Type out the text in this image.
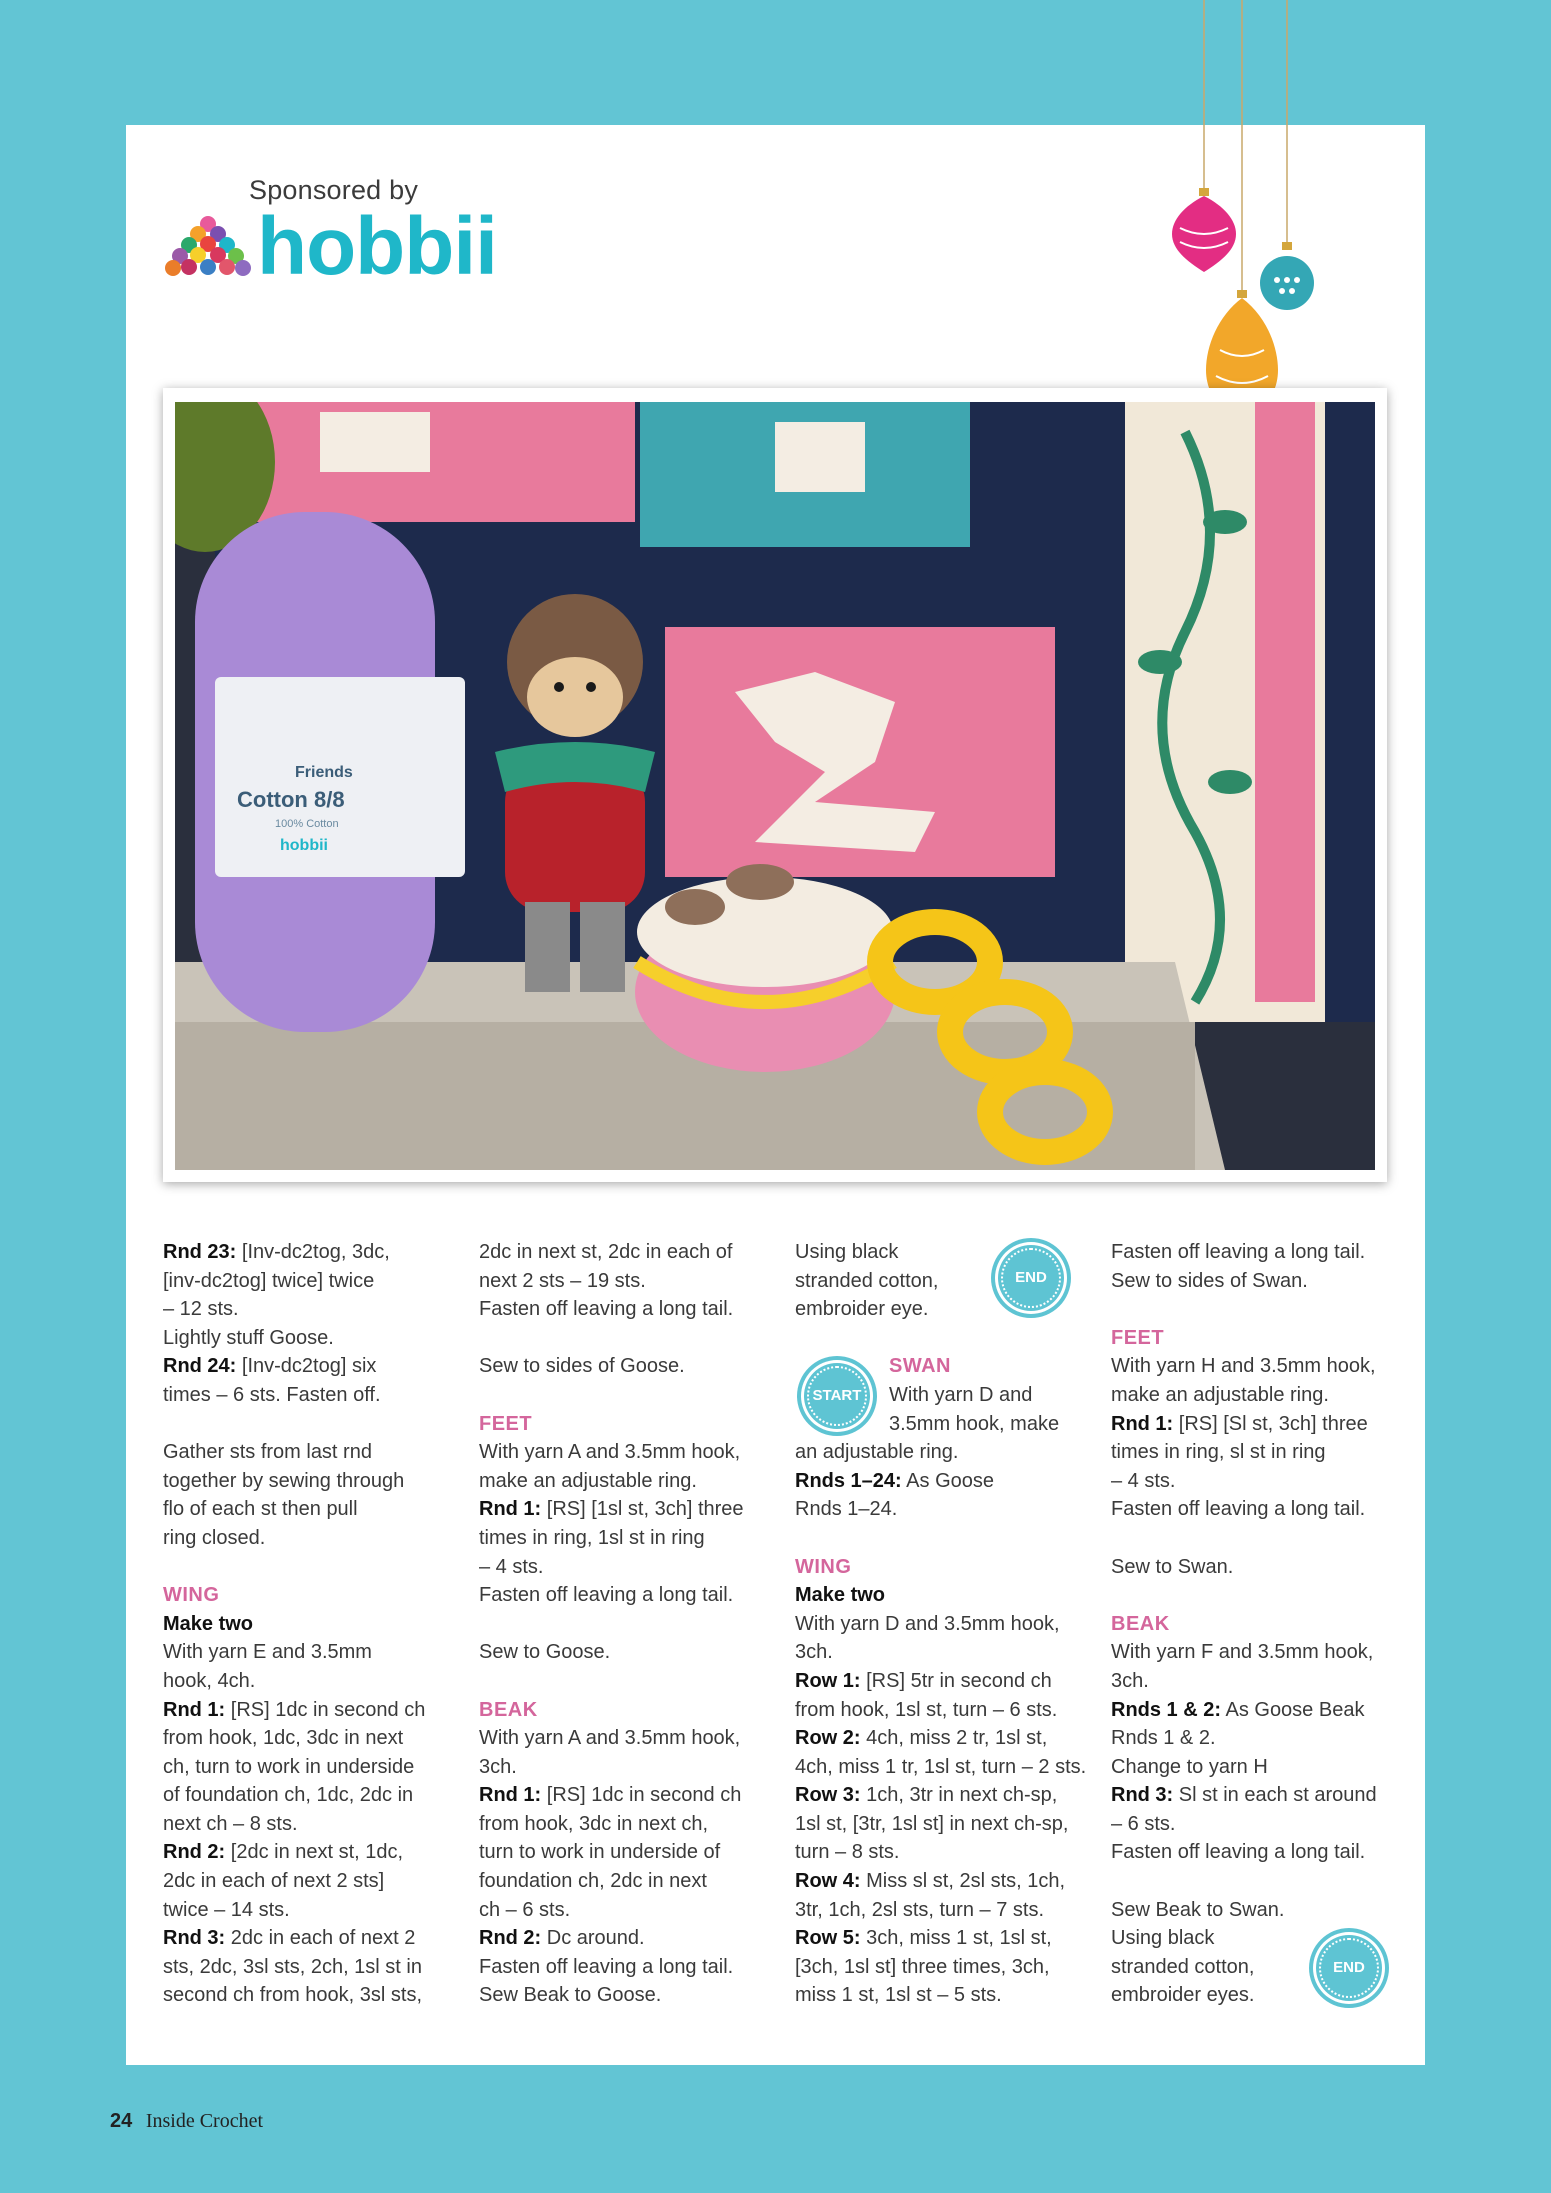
Sponsored by
hobbii
Friends
Cotton 8/8
100% Cotton
hobbii

Rnd 23: [Inv-dc2tog, 3dc,

[inv-dc2tog] twice] twice

– 12 sts.

Lightly stuff Goose.

Rnd 24: [Inv-dc2tog] six

times – 6 sts. Fasten off.

Gather sts from last rnd

together by sewing through

flo of each st then pull

ring closed.

WING

Make two

With yarn E and 3.5mm

hook, 4ch.

Rnd 1: [RS] 1dc in second ch

from hook, 1dc, 3dc in next

ch, turn to work in underside

of foundation ch, 1dc, 2dc in

next ch – 8 sts.

Rnd 2: [2dc in next st, 1dc,

2dc in each of next 2 sts]

twice – 14 sts.

Rnd 3: 2dc in each of next 2

sts, 2dc, 3sl sts, 2ch, 1sl st in

second ch from hook, 3sl sts,

2dc in next st, 2dc in each of

next 2 sts – 19 sts.

Fasten off leaving a long tail.

Sew to sides of Goose.

FEET

With yarn A and 3.5mm hook,

make an adjustable ring.

Rnd 1: [RS] [1sl st, 3ch] three

times in ring, 1sl st in ring

– 4 sts.

Fasten off leaving a long tail.

Sew to Goose.

BEAK

With yarn A and 3.5mm hook,

3ch.

Rnd 1: [RS] 1dc in second ch

from hook, 3dc in next ch,

turn to work in underside of

foundation ch, 2dc in next

ch – 6 sts.

Rnd 2: Dc around.

Fasten off leaving a long tail.

Sew Beak to Goose.

Using black

stranded cotton,

embroider eye.

SWAN

With yarn D and

3.5mm hook, make

an adjustable ring.

Rnds 1–24: As Goose

Rnds 1–24.

WING

Make two

With yarn D and 3.5mm hook,

3ch.

Row 1: [RS] 5tr in second ch

from hook, 1sl st, turn – 6 sts.

Row 2: 4ch, miss 2 tr, 1sl st,

4ch, miss 1 tr, 1sl st, turn – 2 sts.

Row 3: 1ch, 3tr in next ch-sp,

1sl st, [3tr, 1sl st] in next ch-sp,

turn – 8 sts.

Row 4: Miss sl st, 2sl sts, 1ch,

3tr, 1ch, 2sl sts, turn – 7 sts.

Row 5: 3ch, miss 1 st, 1sl st,

[3ch, 1sl st] three times, 3ch,

miss 1 st, 1sl st – 5 sts.

END
START

Fasten off leaving a long tail.

Sew to sides of Swan.

FEET

With yarn H and 3.5mm hook,

make an adjustable ring.

Rnd 1: [RS] [Sl st, 3ch] three

times in ring, sl st in ring

– 4 sts.

Fasten off leaving a long tail.

Sew to Swan.

BEAK

With yarn F and 3.5mm hook,

3ch.

Rnds 1 & 2: As Goose Beak

Rnds 1 & 2.

Change to yarn H

Rnd 3: Sl st in each st around

– 6 sts.

Fasten off leaving a long tail.

Sew Beak to Swan.

Using black

stranded cotton,

embroider eyes.

END
24 Inside Crochet
